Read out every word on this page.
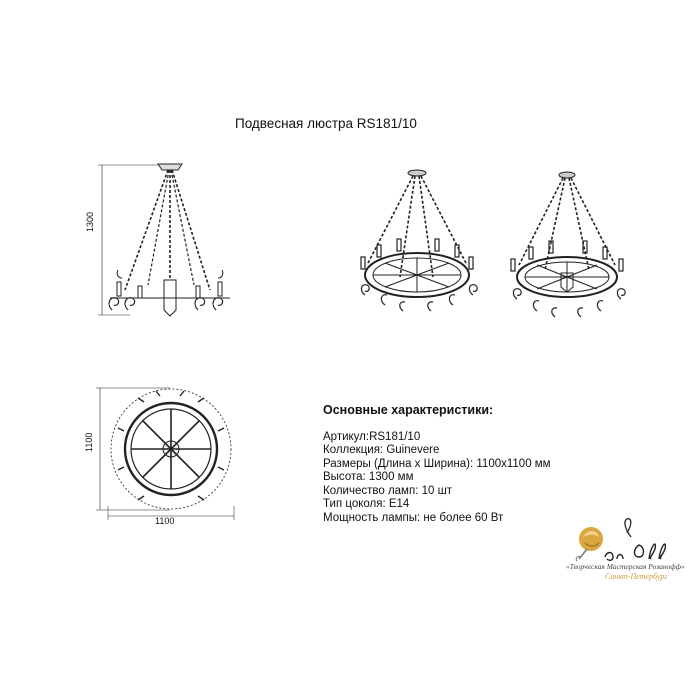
Подвесная люстра RS181/10
1300
1100
1100
Основные характеристики:
Артикул:RS181/10
Коллекция: Guinevere
Размеры (Длина х Ширина): 1100х1100 мм
Высота: 1300 мм
Количество ламп: 10 шт
Тип цоколя: E14
Мощность лампы: не более 60 Вт
«Творческая Мастерская Розанофф»
Санкт-Петербург
